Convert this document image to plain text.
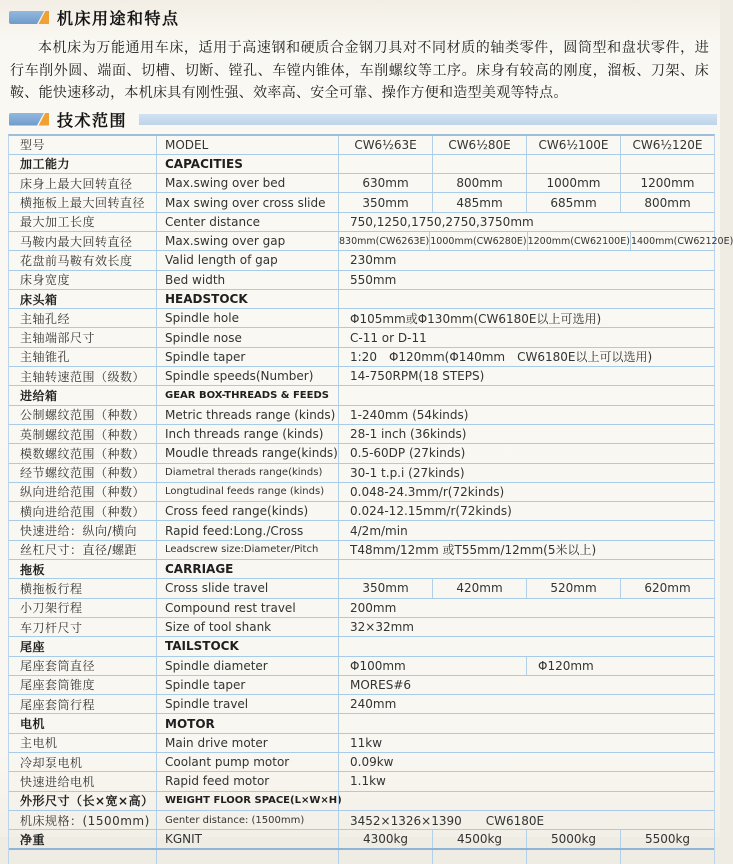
机床用途和特点

本机床为万能通用车床，适用于高速钢和硬质合金钢刀具对不同材质的轴类零件，圆筒型和盘状零件，进行车削外圆、端面、切槽、切断、镗孔、车镗内锥体，车削螺纹等工序。床身有较高的刚度，溜板、刀架、床鞍、能快速移动，本机床具有刚性强、效率高、安全可靠、操作方便和造型美观等特点。

技术范围
型号	MODEL	CW6½63E	CW6½80E	CW6½100E	CW6½120E
加工能力	CAPACITIES
床身上最大回转直径	Max.swing over bed	630mm	800mm	1000mm	1200mm
横拖板上最大回转直径	Max swing over cross slide	350mm	485mm	685mm	800mm
最大加工长度	Center distance	750,1250,1750,2750,3750mm
马鞍内最大回转直径	Max.swing over gap	830mm(CW6263E) 1000mm(CW6280E) 1200mm(CW62100E) 1400mm(CW62120E)
花盘前马鞍有效长度	Valid length of gap	230mm
床身宽度	Bed width	550mm
床头箱	HEADSTOCK
主轴孔经	Spindle hole	Φ105mm或Φ130mm(CW6180E以上可选用)
主轴端部尺寸	Spindle nose	C-11 or D-11
主轴锥孔	Spindle taper	1:20　Φ120mm(Φ140mm　CW6180E以上可以选用)
主轴转速范围（级数）	Spindle speeds(Number)	14-750RPM(18 STEPS)
进给箱	GEAR BOX-THREADS & FEEDS
公制螺纹范围（种数）	Metric threads range (kinds)	1-240mm (54kinds)
英制螺纹范围（种数）	Inch threads range (kinds)	28-1 inch (36kinds)
模数螺纹范围（种数）	Moudle threads range(kinds)	0.5-60DP (27kinds)
经节螺纹范围（种数）	Diametral therads range(kinds)	30-1 t.p.i (27kinds)
纵向进给范围（种数）	Longtudinal feeds range (kinds)	0.048-24.3mm/r(72kinds)
横向进给范围（种数）	Cross feed range(kinds)	0.024-12.15mm/r(72kinds)
快速进给：纵向/横向	Rapid feed:Long./Cross	4/2m/min
丝杠尺寸：直径/螺距	Leadscrew size:Diameter/Pitch	T48mm/12mm 或T55mm/12mm(5米以上)
拖板	CARRIAGE
横拖板行程	Cross slide travel	350mm	420mm	520mm	620mm
小刀架行程	Compound rest travel	200mm
车刀杆尺寸	Size of tool shank	32×32mm
尾座	TAILSTOCK
尾座套筒直径	Spindle diameter	Φ100mm	Φ120mm
尾座套筒锥度	Spindle taper	MORES#6
尾座套筒行程	Spindle travel	240mm
电机	MOTOR
主电机	Main drive moter	11kw
冷却泵电机	Coolant pump motor	0.09kw
快速进给电机	Rapid feed motor	1.1kw
外形尺寸（长×宽×高）	WEIGHT FLOOR SPACE(L×W×H)
机床规格：(1500mm)	Genter distance: (1500mm)	3452×1326×1390　　CW6180E
净重	KGNIT	4300kg	4500kg	5000kg	5500kg
